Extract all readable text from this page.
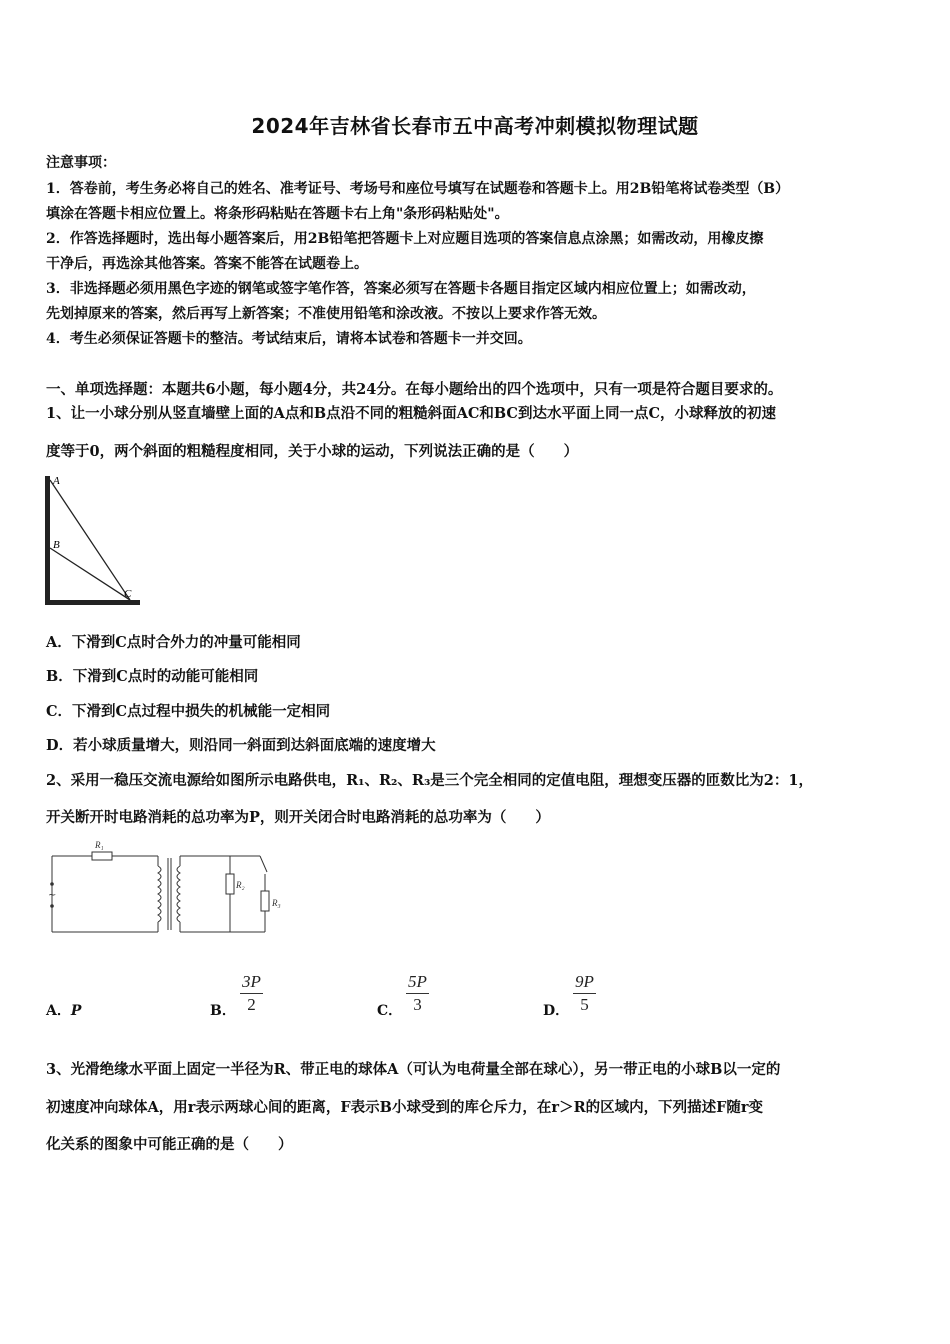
2024年吉林省长春市五中高考冲刺模拟物理试题
注意事项：
1．答卷前，考生务必将自己的姓名、准考证号、考场号和座位号填写在试题卷和答题卡上。用2B铅笔将试卷类型（B）
填涂在答题卡相应位置上。将条形码粘贴在答题卡右上角"条形码粘贴处"。
2．作答选择题时，选出每小题答案后，用2B铅笔把答题卡上对应题目选项的答案信息点涂黑；如需改动，用橡皮擦
干净后，再选涂其他答案。答案不能答在试题卷上。
3．非选择题必须用黑色字迹的钢笔或签字笔作答，答案必须写在答题卡各题目指定区域内相应位置上；如需改动，
先划掉原来的答案，然后再写上新答案；不准使用铅笔和涂改液。不按以上要求作答无效。
4．考生必须保证答题卡的整洁。考试结束后，请将本试卷和答题卡一并交回。
一、单项选择题：本题共6小题，每小题4分，共24分。在每小题给出的四个选项中，只有一项是符合题目要求的。
1、让一小球分别从竖直墙壁上面的A点和B点沿不同的粗糙斜面AC和BC到达水平面上同一点C，小球释放的初速
度等于0，两个斜面的粗糙程度相同，关于小球的运动，下列说法正确的是（　　）
A
B
C
A．下滑到C点时合外力的冲量可能相同
B．下滑到C点时的动能可能相同
C．下滑到C点过程中损失的机械能一定相同
D．若小球质量增大，则沿同一斜面到达斜面底端的速度增大
2、采用一稳压交流电源给如图所示电路供电，R₁、R₂、R₃是三个完全相同的定值电阻，理想变压器的匝数比为2：1，
开关断开时电路消耗的总功率为P，则开关闭合时电路消耗的总功率为（　　）
~
R₁
R₂
R₃
A．P	B．
3P
2	C．
5P
3	D．
9P
5
3、光滑绝缘水平面上固定一半径为R、带正电的球体A（可认为电荷量全部在球心），另一带正电的小球B以一定的
初速度冲向球体A，用r表示两球心间的距离，F表示B小球受到的库仑斥力，在r＞R的区域内，下列描述F随r变
化关系的图象中可能正确的是（　　）
